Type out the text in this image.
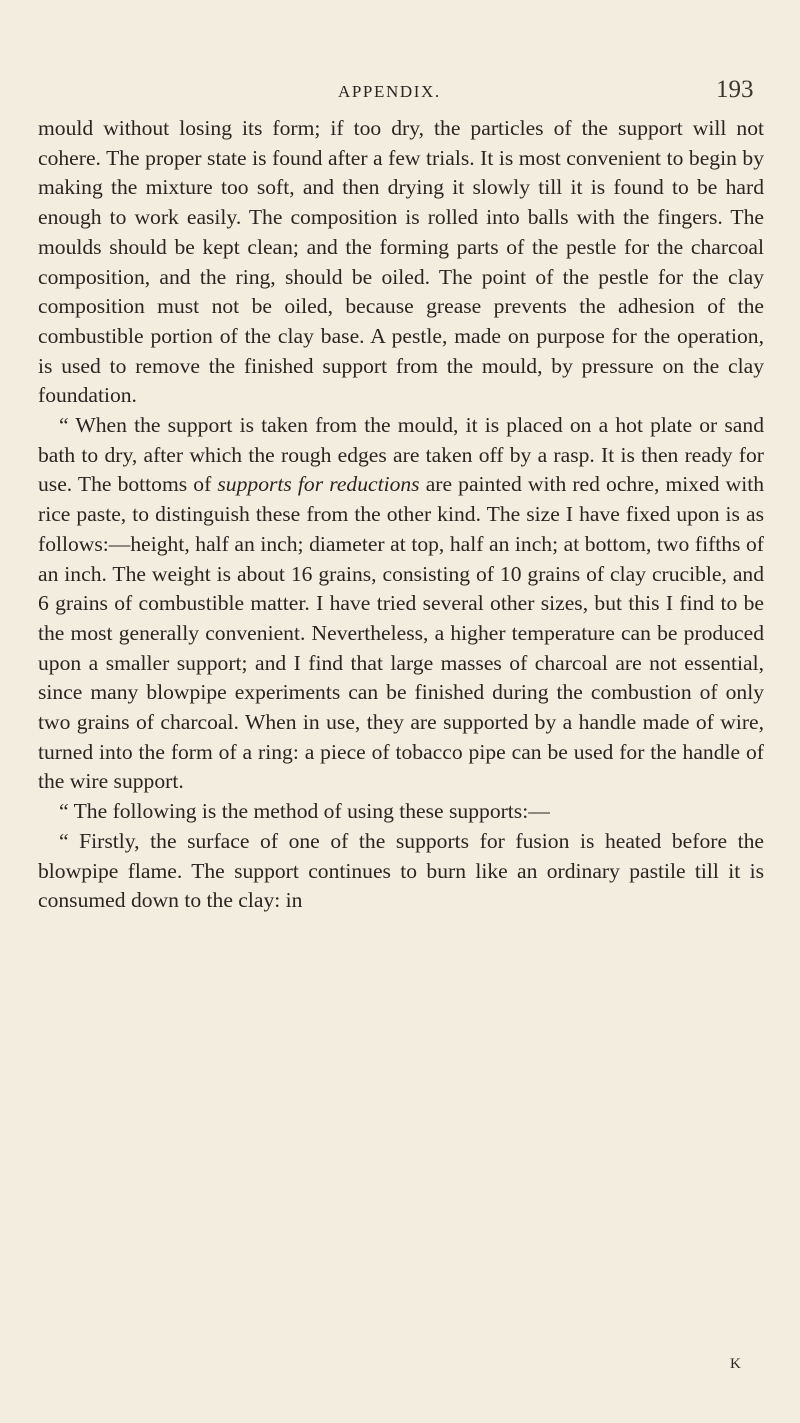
APPENDIX.	193

mould without losing its form; if too dry, the particles of the support will not cohere. The proper state is found after a few trials. It is most convenient to begin by making the mixture too soft, and then drying it slowly till it is found to be hard enough to work easily. The composition is rolled into balls with the fingers. The moulds should be kept clean; and the forming parts of the pestle for the charcoal composition, and the ring, should be oiled. The point of the pestle for the clay composition must not be oiled, because grease prevents the adhesion of the combustible portion of the clay base. A pestle, made on purpose for the operation, is used to remove the finished support from the mould, by pressure on the clay foundation.

“ When the support is taken from the mould, it is placed on a hot plate or sand bath to dry, after which the rough edges are taken off by a rasp. It is then ready for use. The bottoms of supports for reductions are painted with red ochre, mixed with rice paste, to distinguish these from the other kind. The size I have fixed upon is as follows:—height, half an inch; diameter at top, half an inch; at bottom, two fifths of an inch. The weight is about 16 grains, consisting of 10 grains of clay crucible, and 6 grains of combustible matter. I have tried several other sizes, but this I find to be the most generally convenient. Nevertheless, a higher temperature can be produced upon a smaller support; and I find that large masses of charcoal are not essential, since many blowpipe experiments can be finished during the combustion of only two grains of charcoal. When in use, they are supported by a handle made of wire, turned into the form of a ring: a piece of tobacco pipe can be used for the handle of the wire support.

“ The following is the method of using these supports:—

“ Firstly, the surface of one of the supports for fusion is heated before the blowpipe flame. The support continues to burn like an ordinary pastile till it is consumed down to the clay: in

K
